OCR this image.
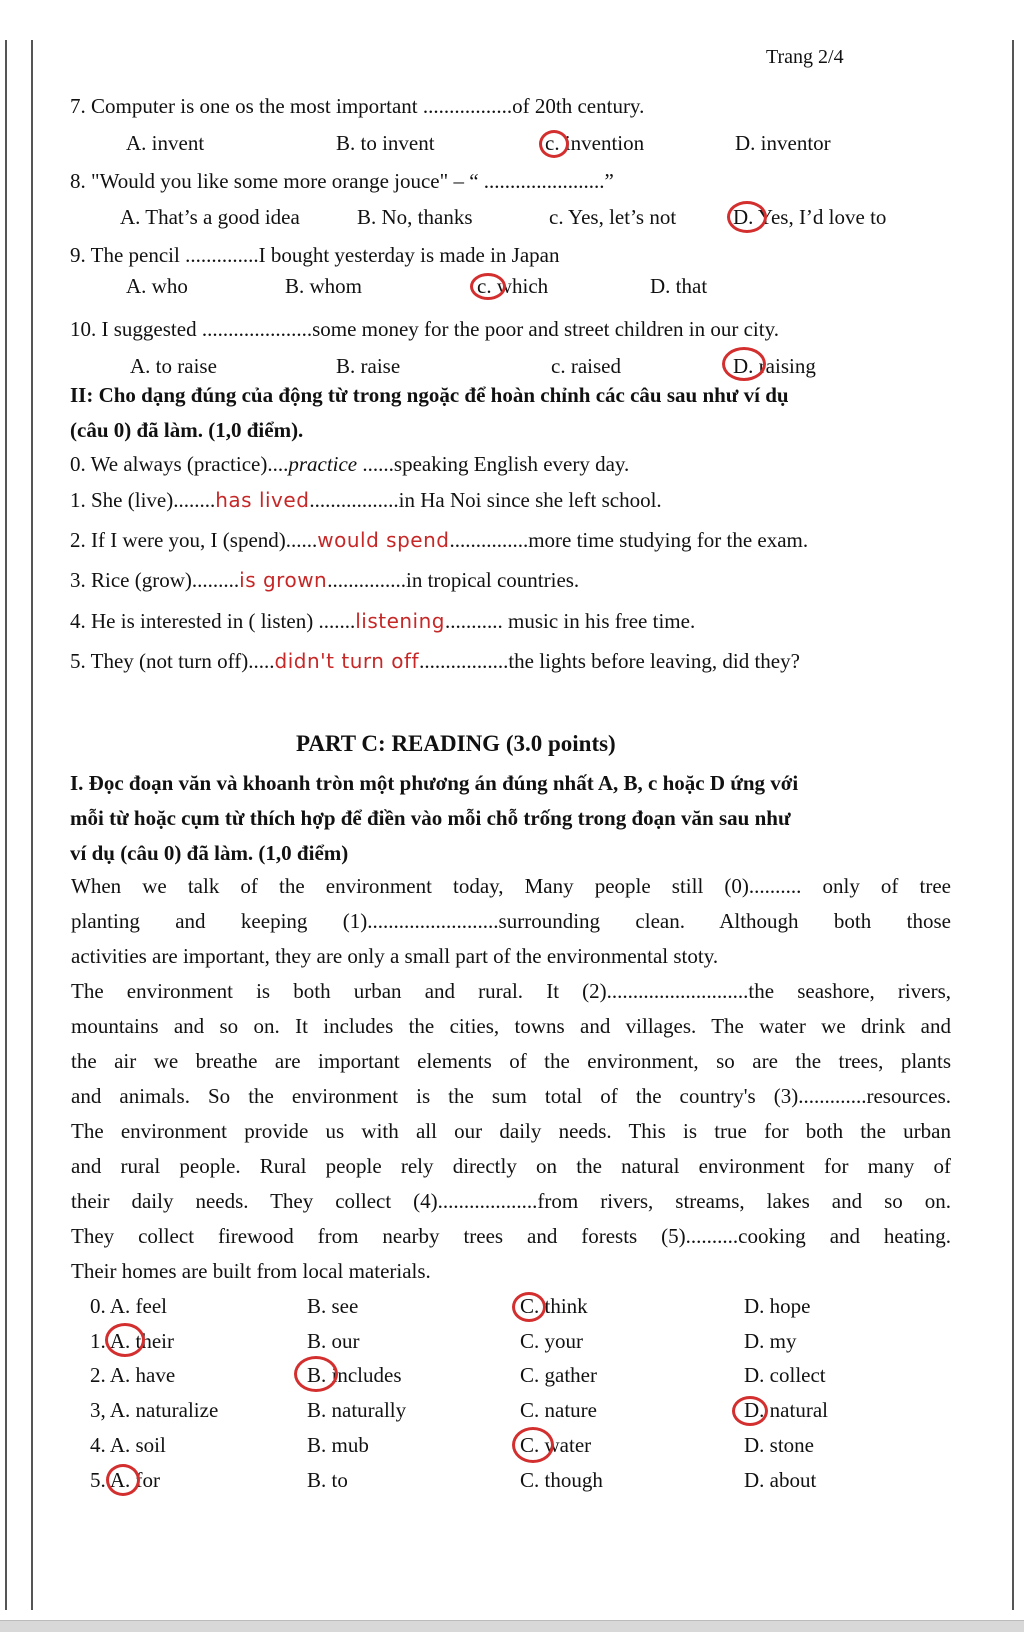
Trang 2/4
7. Computer is one os the most important .................of 20th century.
A. invent	B. to invent	c. invention	D. inventor
8. "Would you like some more orange jouce" – “ .......................”
A. That’s a good idea	B. No, thanks	c. Yes, let’s not	D. Yes, I’d love to
9. The pencil ..............I bought yesterday is made in Japan
A. who	B. whom	c. which	D. that
10. I suggested .....................some money for the poor and street children in our city.
A. to raise	B. raise	c. raised	D. raising
II: Cho dạng đúng của động từ trong ngoặc để hoàn chỉnh các câu sau như ví dụ
(câu 0) đã làm. (1,0 điểm).
0. We always (practice)....practice ......speaking English every day.
1. She (live)........has lived.................in Ha Noi since she left school.
2. If I were you, I (spend)......would spend...............more time studying for the exam.
3. Rice (grow).........is grown...............in tropical countries.
4. He is interested in ( listen) .......listening........... music in his free time.
5. They (not turn off).....didn't turn off.................the lights before leaving, did they?
PART C: READING (3.0 points)
I. Đọc đoạn văn và khoanh tròn một phương án đúng nhất A, B, c hoặc D ứng với
mỗi từ hoặc cụm từ thích hợp để điền vào mỗi chỗ trống trong đoạn văn sau như
ví dụ (câu 0) đã làm. (1,0 điểm)
When we talk of the environment today, Many people still (0).......... only of tree
planting and keeping (1).........................surrounding clean. Although both those
activities are important, they are only a small part of the environmental stoty.
The environment is both urban and rural. It (2)...........................the seashore, rivers,
mountains and so on. It includes the cities, towns and villages. The water we drink and
the air we breathe are important elements of the environment, so are the trees, plants
and animals. So the environment is the sum total of the country's (3).............resources.
The environment provide us with all our daily needs. This is true for both the urban
and rural people. Rural people rely directly on the natural environment for many of
their daily needs. They collect (4)...................from rivers, streams, lakes and so on.
They collect firewood from nearby trees and forests (5)..........cooking and heating.
Their homes are built from local materials.
0. A. feel	B. see	C. think	D. hope
1. A. their	B. our	C. your	D. my
2. A. have	B. includes	C. gather	D. collect
3, A. naturalize	B. naturally	C. nature	D. natural
4. A. soil	B. mub	C. water	D. stone
5. A. for	B. to	C. though	D. about
